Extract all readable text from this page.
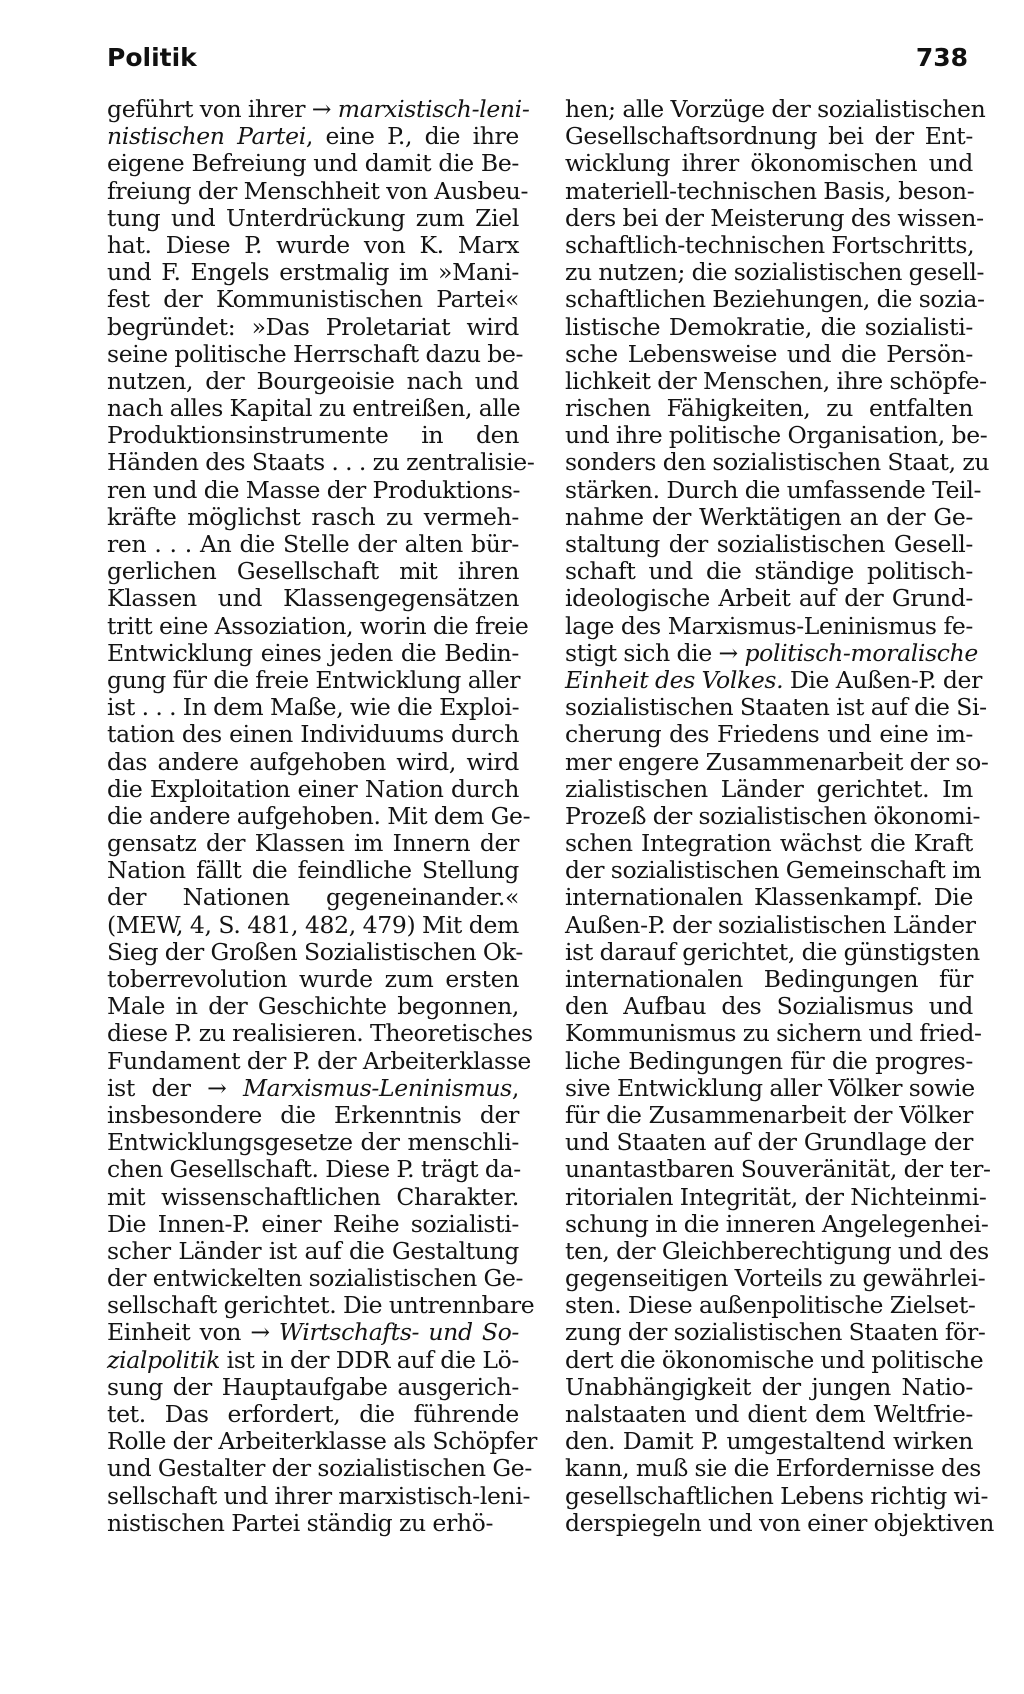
Politik	738
geführt von ihrer → marxistisch-leni-
nistischen Partei, eine P., die ihre
eigene Befreiung und damit die Be-
freiung der Menschheit von Ausbeu-
tung und Unterdrückung zum Ziel
hat. Diese P. wurde von K. Marx
und F. Engels erstmalig im »Mani-
fest der Kommunistischen Partei«
begründet: »Das Proletariat wird
seine politische Herrschaft dazu be-
nutzen, der Bourgeoisie nach und
nach alles Kapital zu entreißen, alle
Produktionsinstrumente in den
Händen des Staats . . . zu zentralisie-
ren und die Masse der Produktions-
kräfte möglichst rasch zu vermeh-
ren . . . An die Stelle der alten bür-
gerlichen Gesellschaft mit ihren
Klassen und Klassengegensätzen
tritt eine Assoziation, worin die freie
Entwicklung eines jeden die Bedin-
gung für die freie Entwicklung aller
ist . . . In dem Maße, wie die Exploi-
tation des einen Individuums durch
das andere aufgehoben wird, wird
die Exploitation einer Nation durch
die andere aufgehoben. Mit dem Ge-
gensatz der Klassen im Innern der
Nation fällt die feindliche Stellung
der Nationen gegeneinander.«
(MEW, 4, S. 481, 482, 479) Mit dem
Sieg der Großen Sozialistischen Ok-
toberrevolution wurde zum ersten
Male in der Geschichte begonnen,
diese P. zu realisieren. Theoretisches
Fundament der P. der Arbeiterklasse
ist der → Marxismus-Leninismus,
insbesondere die Erkenntnis der
Entwicklungsgesetze der menschli-
chen Gesellschaft. Diese P. trägt da-
mit wissenschaftlichen Charakter.
Die Innen-P. einer Reihe sozialisti-
scher Länder ist auf die Gestaltung
der entwickelten sozialistischen Ge-
sellschaft gerichtet. Die untrennbare
Einheit von → Wirtschafts- und So-
zialpolitik ist in der DDR auf die Lö-
sung der Hauptaufgabe ausgerich-
tet. Das erfordert, die führende
Rolle der Arbeiterklasse als Schöpfer
und Gestalter der sozialistischen Ge-
sellschaft und ihrer marxistisch-leni-
nistischen Partei ständig zu erhö-
hen; alle Vorzüge der sozialistischen
Gesellschaftsordnung bei der Ent-
wicklung ihrer ökonomischen und
materiell-technischen Basis, beson-
ders bei der Meisterung des wissen-
schaftlich-technischen Fortschritts,
zu nutzen; die sozialistischen gesell-
schaftlichen Beziehungen, die sozia-
listische Demokratie, die sozialisti-
sche Lebensweise und die Persön-
lichkeit der Menschen, ihre schöpfe-
rischen Fähigkeiten, zu entfalten
und ihre politische Organisation, be-
sonders den sozialistischen Staat, zu
stärken. Durch die umfassende Teil-
nahme der Werktätigen an der Ge-
staltung der sozialistischen Gesell-
schaft und die ständige politisch-
ideologische Arbeit auf der Grund-
lage des Marxismus-Leninismus fe-
stigt sich die → politisch-moralische
Einheit des Volkes. Die Außen-P. der
sozialistischen Staaten ist auf die Si-
cherung des Friedens und eine im-
mer engere Zusammenarbeit der so-
zialistischen Länder gerichtet. Im
Prozeß der sozialistischen ökonomi-
schen Integration wächst die Kraft
der sozialistischen Gemeinschaft im
internationalen Klassenkampf. Die
Außen-P. der sozialistischen Länder
ist darauf gerichtet, die günstigsten
internationalen Bedingungen für
den Aufbau des Sozialismus und
Kommunismus zu sichern und fried-
liche Bedingungen für die progres-
sive Entwicklung aller Völker sowie
für die Zusammenarbeit der Völker
und Staaten auf der Grundlage der
unantastbaren Souveränität, der ter-
ritorialen Integrität, der Nichteinmi-
schung in die inneren Angelegenhei-
ten, der Gleichberechtigung und des
gegenseitigen Vorteils zu gewährlei-
sten. Diese außenpolitische Zielset-
zung der sozialistischen Staaten för-
dert die ökonomische und politische
Unabhängigkeit der jungen Natio-
nalstaaten und dient dem Weltfrie-
den. Damit P. umgestaltend wirken
kann, muß sie die Erfordernisse des
gesellschaftlichen Lebens richtig wi-
derspiegeln und von einer objektiven
